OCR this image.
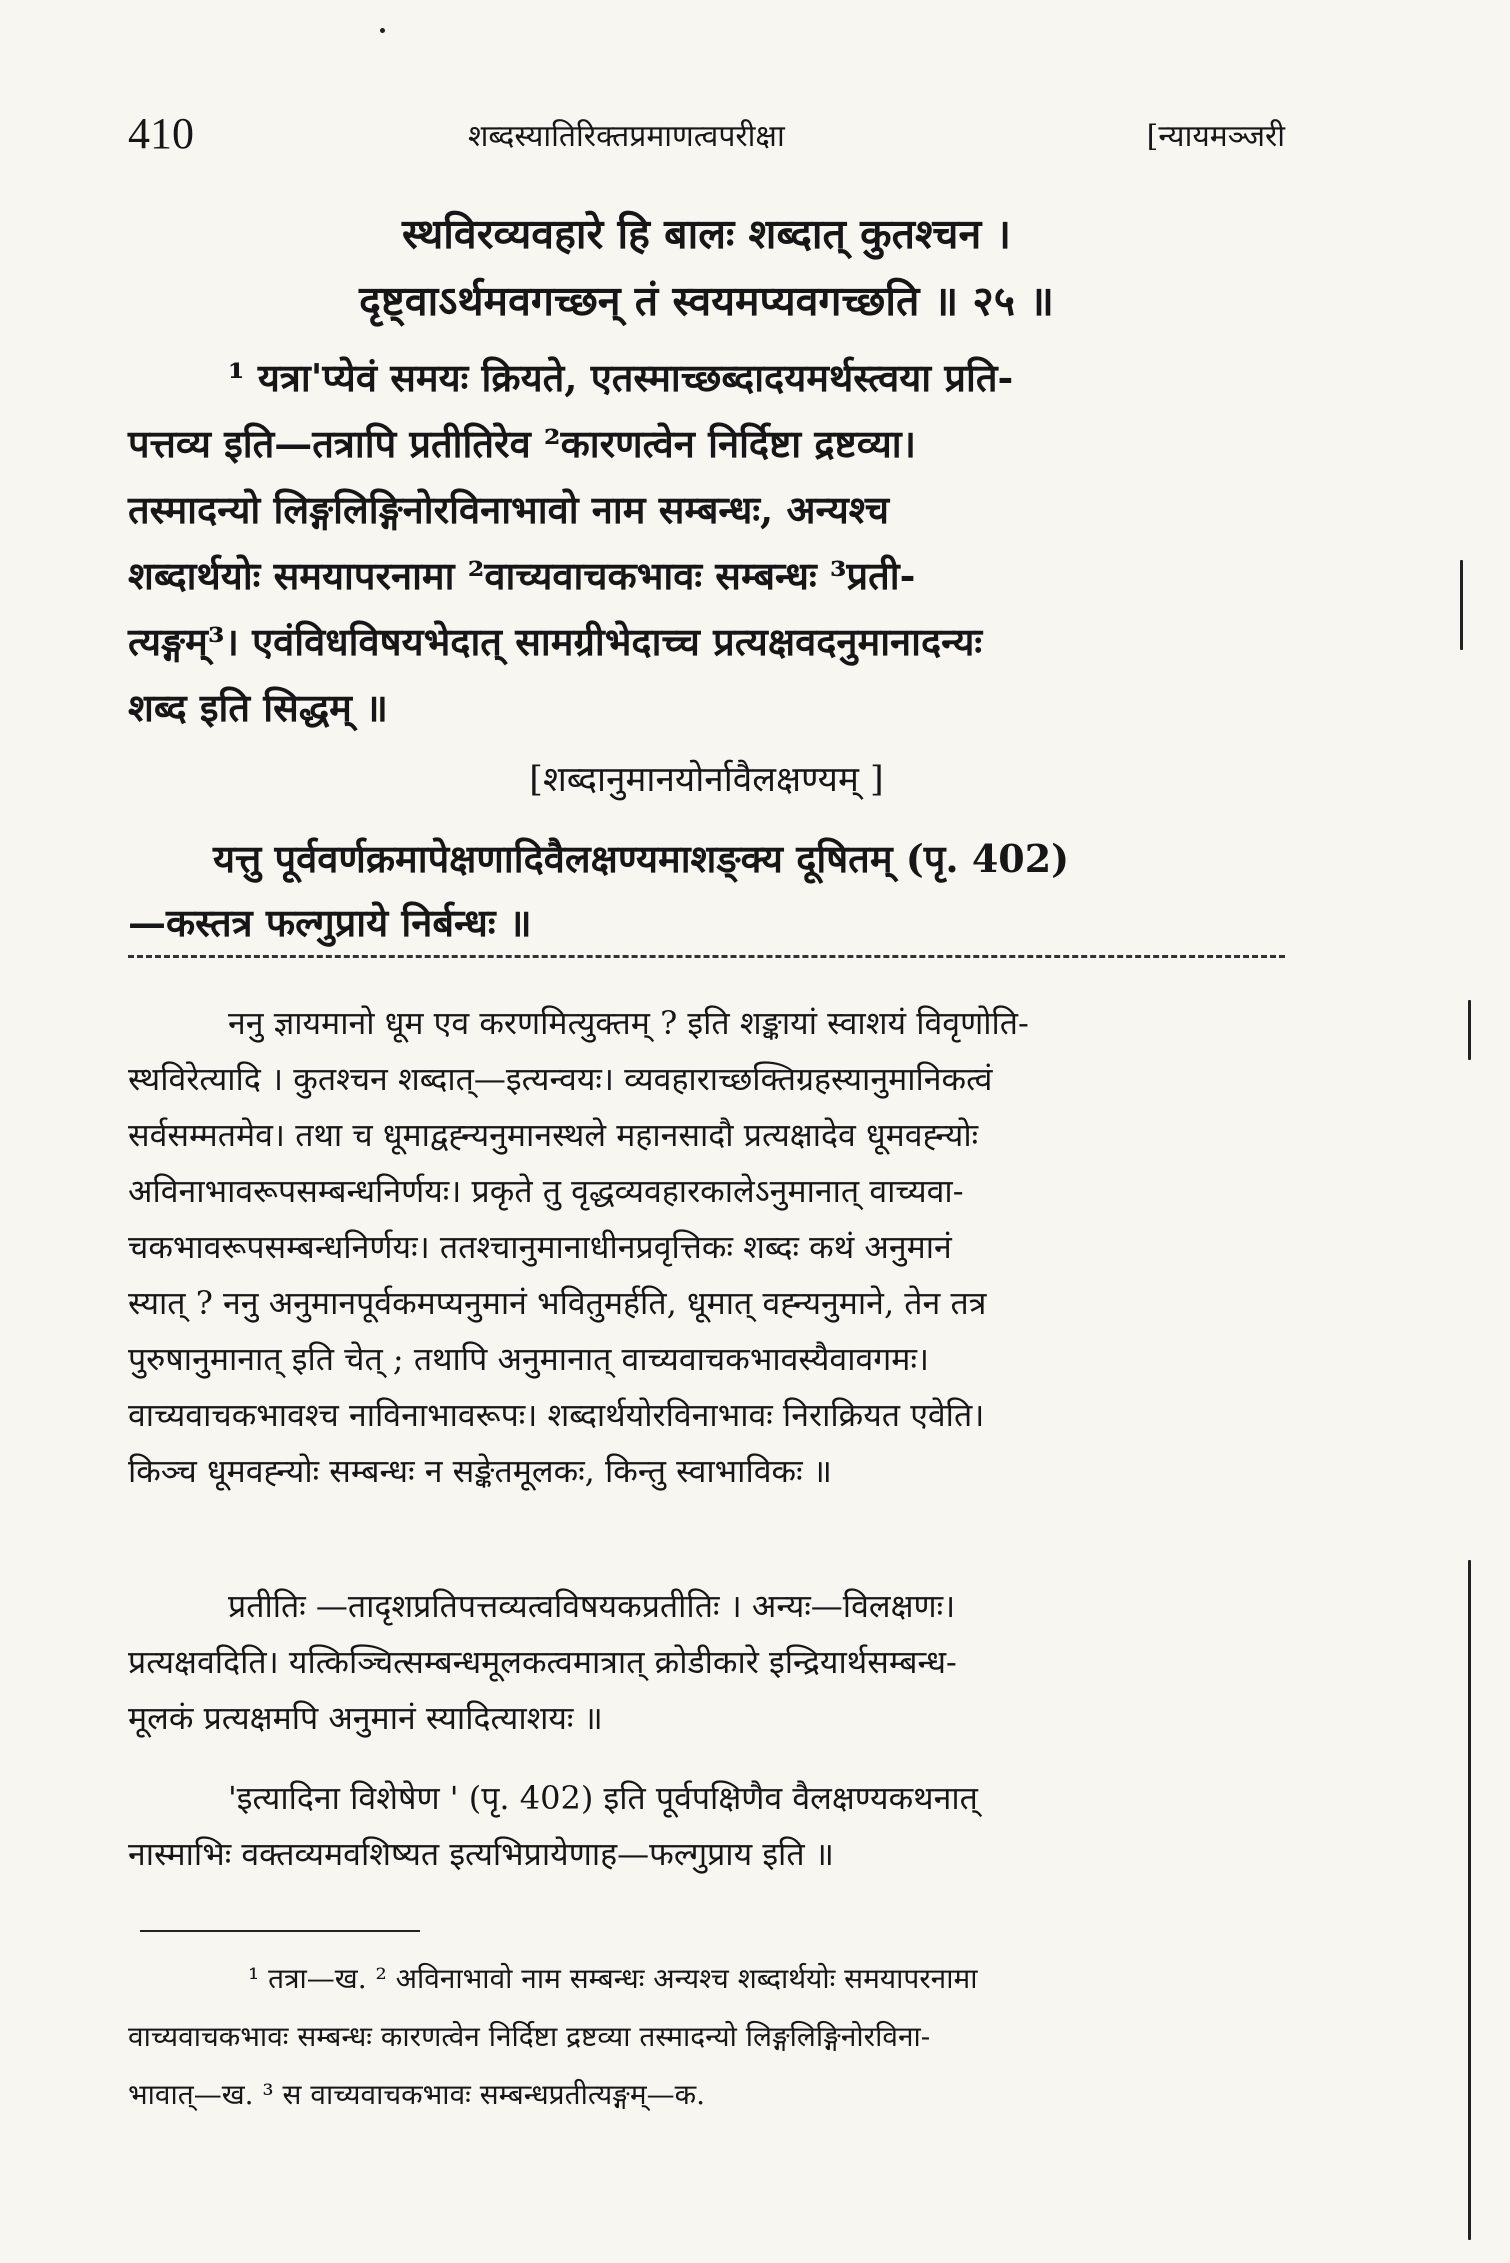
410	शब्दस्यातिरिक्तप्रमाणत्वपरीक्षा	[न्यायमञ्जरी
स्थविरव्यवहारे हि बालः शब्दात् कुतश्चन ।
दृष्ट्वाऽर्थमवगच्छन् तं स्वयमप्यवगच्छति ॥ २५ ॥
¹ यत्रा'प्येवं समयः क्रियते, एतस्माच्छब्दादयमर्थस्त्वया प्रति-
पत्तव्य इति—तत्रापि प्रतीतिरेव ²कारणत्वेन निर्दिष्टा द्रष्टव्या।
तस्मादन्यो लिङ्गलिङ्गिनोरविनाभावो नाम सम्बन्धः, अन्यश्च
शब्दार्थयोः समयापरनामा ²वाच्यवाचकभावः सम्बन्धः ³प्रती-
त्यङ्गम्³। एवंविधविषयभेदात् सामग्रीभेदाच्च प्रत्यक्षवदनुमानादन्यः
शब्द इति सिद्धम् ॥
[शब्दानुमानयोर्नावैलक्षण्यम् ]
यत्तु पूर्ववर्णक्रमापेक्षणादिवैलक्षण्यमाशङ्क्य दूषितम् (पृ. 402)
—कस्तत्र फल्गुप्राये निर्बन्धः ॥
ननु ज्ञायमानो धूम एव करणमित्युक्तम् ? इति शङ्कायां स्वाशयं विवृणोति-
स्थविरेत्यादि । कुतश्चन शब्दात्—इत्यन्वयः। व्यवहाराच्छक्तिग्रहस्यानुमानिकत्वं
सर्वसम्मतमेव। तथा च धूमाद्वह्न्यनुमानस्थले महानसादौ प्रत्यक्षादेव धूमवह्न्योः
अविनाभावरूपसम्बन्धनिर्णयः। प्रकृते तु वृद्धव्यवहारकालेऽनुमानात् वाच्यवा-
चकभावरूपसम्बन्धनिर्णयः। ततश्चानुमानाधीनप्रवृत्तिकः शब्दः कथं अनुमानं
स्यात् ? ननु अनुमानपूर्वकमप्यनुमानं भवितुमर्हति, धूमात् वह्न्यनुमाने, तेन तत्र
पुरुषानुमानात् इति चेत् ; तथापि अनुमानात् वाच्यवाचकभावस्यैवावगमः।
वाच्यवाचकभावश्च नाविनाभावरूपः। शब्दार्थयोरविनाभावः निराक्रियत एवेति।
किञ्च धूमवह्न्योः सम्बन्धः न सङ्केतमूलकः, किन्तु स्वाभाविकः ॥
प्रतीतिः —तादृशप्रतिपत्तव्यत्वविषयकप्रतीतिः । अन्यः—विलक्षणः।
प्रत्यक्षवदिति। यत्किञ्चित्सम्बन्धमूलकत्वमात्रात् क्रोडीकारे इन्द्रियार्थसम्बन्ध-
मूलकं प्रत्यक्षमपि अनुमानं स्यादित्याशयः ॥
'इत्यादिना विशेषेण ' (पृ. 402) इति पूर्वपक्षिणैव वैलक्षण्यकथनात्
नास्माभिः वक्तव्यमवशिष्यत इत्यभिप्रायेणाह—फल्गुप्राय इति ॥
¹ तत्रा—ख. ² अविनाभावो नाम सम्बन्धः अन्यश्च शब्दार्थयोः समयापरनामा
वाच्यवाचकभावः सम्बन्धः कारणत्वेन निर्दिष्टा द्रष्टव्या तस्मादन्यो लिङ्गलिङ्गिनोरविना-
भावात्—ख. ³ स वाच्यवाचकभावः सम्बन्धप्रतीत्यङ्गम्—क.
